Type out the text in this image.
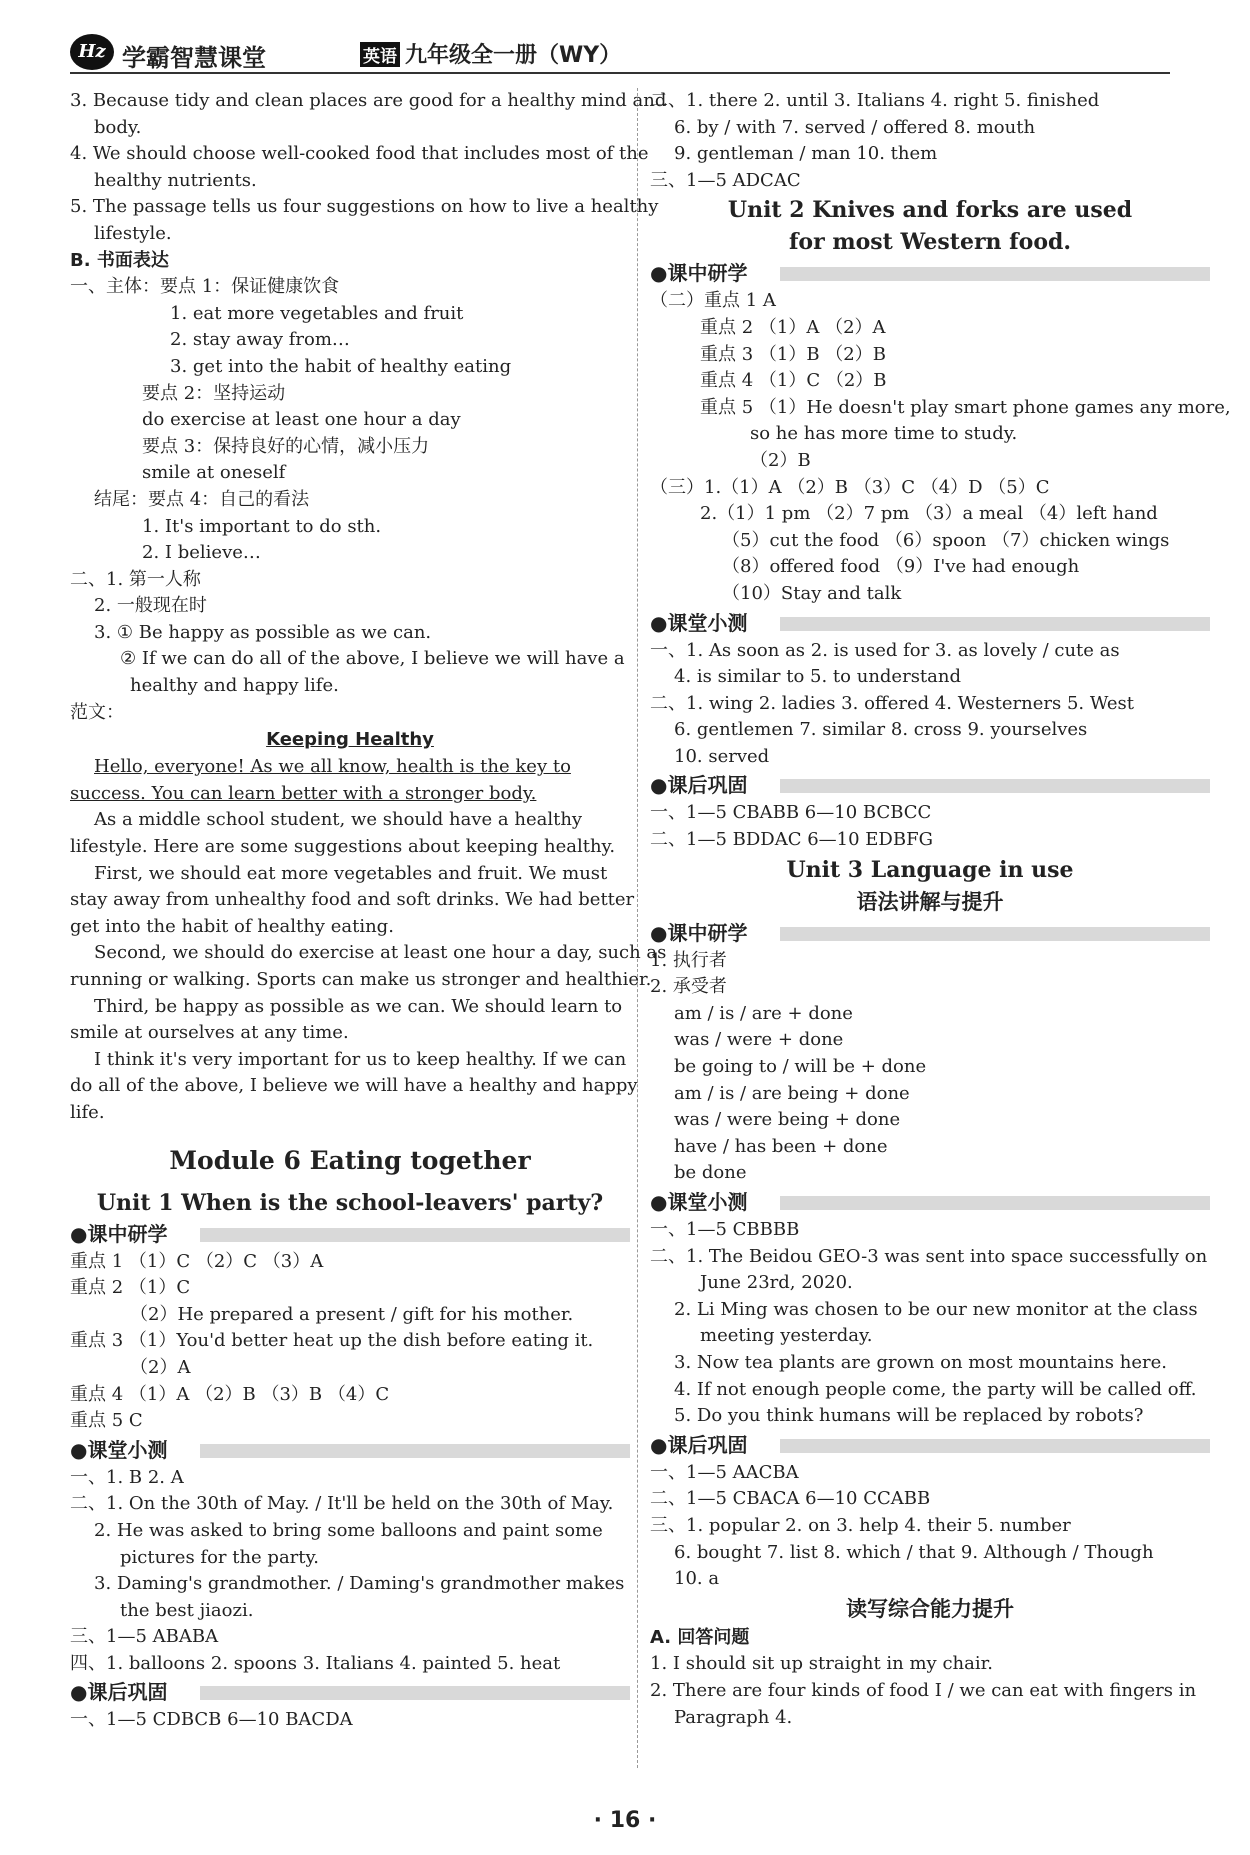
Hz 学霸智慧课堂	英语 九年级全一册（WY）
3. Because tidy and clean places are good for a healthy mind and
body.
4. We should choose well-cooked food that includes most of the
healthy nutrients.
5. The passage tells us four suggestions on how to live a healthy
lifestyle.
B. 书面表达
一、主体：要点 1：保证健康饮食
1. eat more vegetables and fruit
2. stay away from…
3. get into the habit of healthy eating
要点 2：坚持运动
do exercise at least one hour a day
要点 3：保持良好的心情，减小压力
smile at oneself
结尾：要点 4：自己的看法
1. It's important to do sth.
2. I believe…
二、1. 第一人称
2. 一般现在时
3. ① Be happy as possible as we can.
② If we can do all of the above, I believe we will have a
healthy and happy life.
范文：
Keeping Healthy
Hello, everyone! As we all know, health is the key to
success. You can learn better with a stronger body.
As a middle school student, we should have a healthy
lifestyle. Here are some suggestions about keeping healthy.
First, we should eat more vegetables and fruit. We must
stay away from unhealthy food and soft drinks. We had better
get into the habit of healthy eating.
Second, we should do exercise at least one hour a day, such as
running or walking. Sports can make us stronger and healthier.
Third, be happy as possible as we can. We should learn to
smile at ourselves at any time.
I think it's very important for us to keep healthy. If we can
do all of the above, I believe we will have a healthy and happy
life.
Module 6 Eating together
Unit 1 When is the school-leavers' party?
●课中研学
重点 1 （1）C （2）C （3）A
重点 2 （1）C
（2）He prepared a present / gift for his mother.
重点 3 （1）You'd better heat up the dish before eating it.
（2）A
重点 4 （1）A （2）B （3）B （4）C
重点 5 C
●课堂小测
一、1. B 2. A
二、1. On the 30th of May. / It'll be held on the 30th of May.
2. He was asked to bring some balloons and paint some
pictures for the party.
3. Daming's grandmother. / Daming's grandmother makes
the best jiaozi.
三、1—5 ABABA
四、1. balloons 2. spoons 3. Italians 4. painted 5. heat
●课后巩固
一、1—5 CDBCB 6—10 BACDA
二、1. there 2. until 3. Italians 4. right 5. finished
6. by / with 7. served / offered 8. mouth
9. gentleman / man 10. them
三、1—5 ADCAC
Unit 2 Knives and forks are used
for most Western food.
●课中研学
（二）重点 1 A
重点 2 （1）A （2）A
重点 3 （1）B （2）B
重点 4 （1）C （2）B
重点 5 （1）He doesn't play smart phone games any more,
so he has more time to study.
（2）B
（三）1.（1）A （2）B （3）C （4）D （5）C
2.（1）1 pm （2）7 pm （3）a meal （4）left hand
（5）cut the food （6）spoon （7）chicken wings
（8）offered food （9）I've had enough
（10）Stay and talk
●课堂小测
一、1. As soon as 2. is used for 3. as lovely / cute as
4. is similar to 5. to understand
二、1. wing 2. ladies 3. offered 4. Westerners 5. West
6. gentlemen 7. similar 8. cross 9. yourselves
10. served
●课后巩固
一、1—5 CBABB 6—10 BCBCC
二、1—5 BDDAC 6—10 EDBFG
Unit 3 Language in use
语法讲解与提升
●课中研学
1. 执行者
2. 承受者
am / is / are + done
was / were + done
be going to / will be + done
am / is / are being + done
was / were being + done
have / has been + done
be done
●课堂小测
一、1—5 CBBBB
二、1. The Beidou GEO-3 was sent into space successfully on
June 23rd, 2020.
2. Li Ming was chosen to be our new monitor at the class
meeting yesterday.
3. Now tea plants are grown on most mountains here.
4. If not enough people come, the party will be called off.
5. Do you think humans will be replaced by robots?
●课后巩固
一、1—5 AACBA
二、1—5 CBACA 6—10 CCABB
三、1. popular 2. on 3. help 4. their 5. number
6. bought 7. list 8. which / that 9. Although / Though
10. a
读写综合能力提升
A. 回答问题
1. I should sit up straight in my chair.
2. There are four kinds of food I / we can eat with fingers in
Paragraph 4.
· 16 ·
